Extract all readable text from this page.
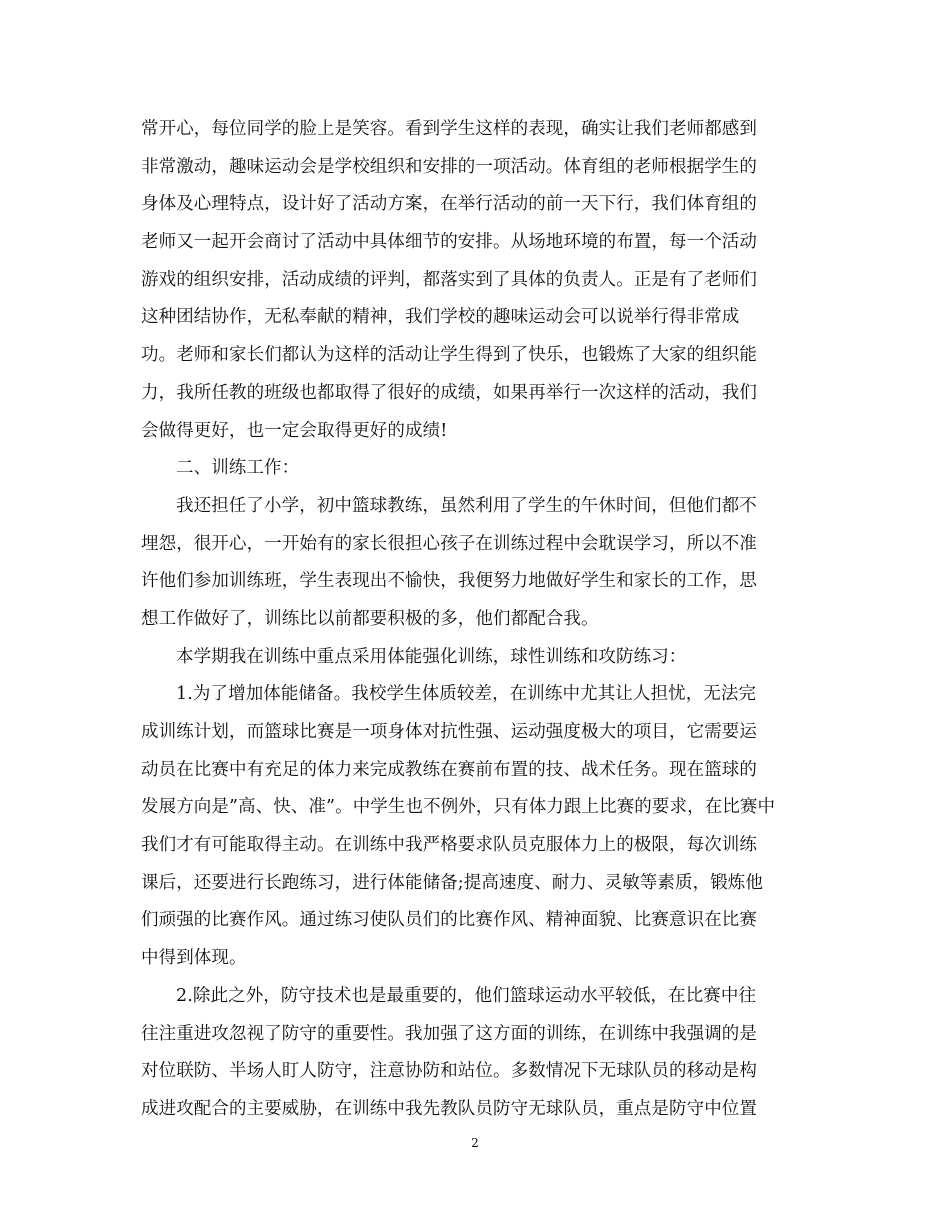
常开心，每位同学的脸上是笑容。看到学生这样的表现，确实让我们老师都感到
非常激动，趣味运动会是学校组织和安排的一项活动。体育组的老师根据学生的
身体及心理特点，设计好了活动方案，在举行活动的前一天下行，我们体育组的
老师又一起开会商讨了活动中具体细节的安排。从场地环境的布置，每一个活动
游戏的组织安排，活动成绩的评判，都落实到了具体的负责人。正是有了老师们
这种团结协作，无私奉献的精神，我们学校的趣味运动会可以说举行得非常成
功。老师和家长们都认为这样的活动让学生得到了快乐，也锻炼了大家的组织能
力，我所任教的班级也都取得了很好的成绩，如果再举行一次这样的活动，我们
会做得更好，也一定会取得更好的成绩!
二、训练工作：
我还担任了小学，初中篮球教练，虽然利用了学生的午休时间，但他们都不
埋怨，很开心，一开始有的家长很担心孩子在训练过程中会耽误学习，所以不准
许他们参加训练班，学生表现出不愉快，我便努力地做好学生和家长的工作，思
想工作做好了，训练比以前都要积极的多，他们都配合我。
本学期我在训练中重点采用体能强化训练，球性训练和攻防练习：
1.为了增加体能储备。我校学生体质较差，在训练中尤其让人担忧，无法完
成训练计划，而篮球比赛是一项身体对抗性强、运动强度极大的项目，它需要运
动员在比赛中有充足的体力来完成教练在赛前布置的技、战术任务。现在篮球的
发展方向是”高、快、准”。中学生也不例外，只有体力跟上比赛的要求，在比赛中
我们才有可能取得主动。在训练中我严格要求队员克服体力上的极限，每次训练
课后，还要进行长跑练习，进行体能储备;提高速度、耐力、灵敏等素质，锻炼他
们顽强的比赛作风。通过练习使队员们的比赛作风、精神面貌、比赛意识在比赛
中得到体现。
2.除此之外，防守技术也是最重要的，他们篮球运动水平较低，在比赛中往
往注重进攻忽视了防守的重要性。我加强了这方面的训练，在训练中我强调的是
对位联防、半场人盯人防守，注意协防和站位。多数情况下无球队员的移动是构
成进攻配合的主要威胁，在训练中我先教队员防守无球队员，重点是防守中位置
2
